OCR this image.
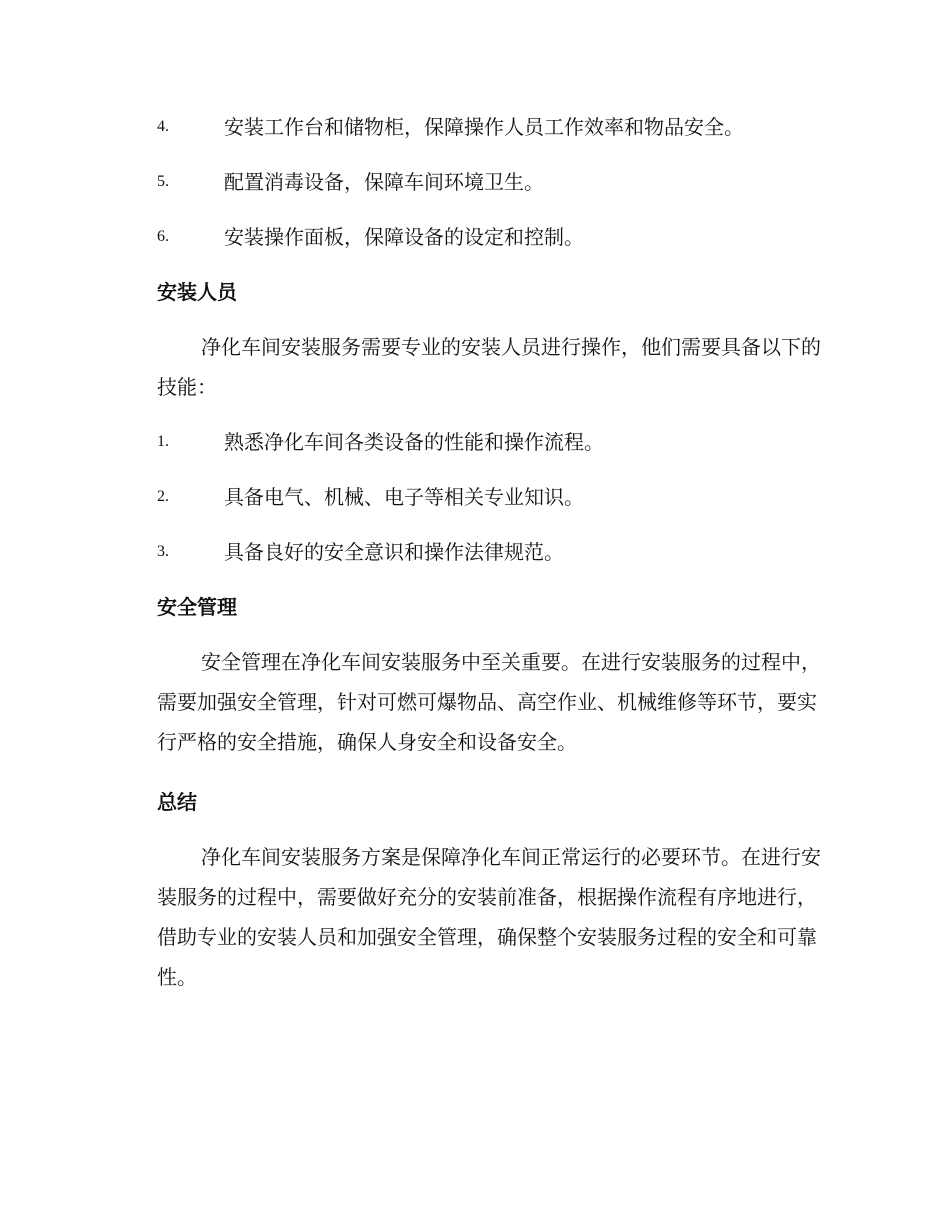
4.	安装工作台和储物柜，保障操作人员工作效率和物品安全。
5.	配置消毒设备，保障车间环境卫生。
6.	安装操作面板，保障设备的设定和控制。
安装人员
净化车间安装服务需要专业的安装人员进行操作，他们需要具备以下的
技能：
1.	熟悉净化车间各类设备的性能和操作流程。
2.	具备电气、机械、电子等相关专业知识。
3.	具备良好的安全意识和操作法律规范。
安全管理
安全管理在净化车间安装服务中至关重要。在进行安装服务的过程中，
需要加强安全管理，针对可燃可爆物品、高空作业、机械维修等环节，要实
行严格的安全措施，确保人身安全和设备安全。
总结
净化车间安装服务方案是保障净化车间正常运行的必要环节。在进行安
装服务的过程中，需要做好充分的安装前准备，根据操作流程有序地进行，
借助专业的安装人员和加强安全管理，确保整个安装服务过程的安全和可靠
性。
